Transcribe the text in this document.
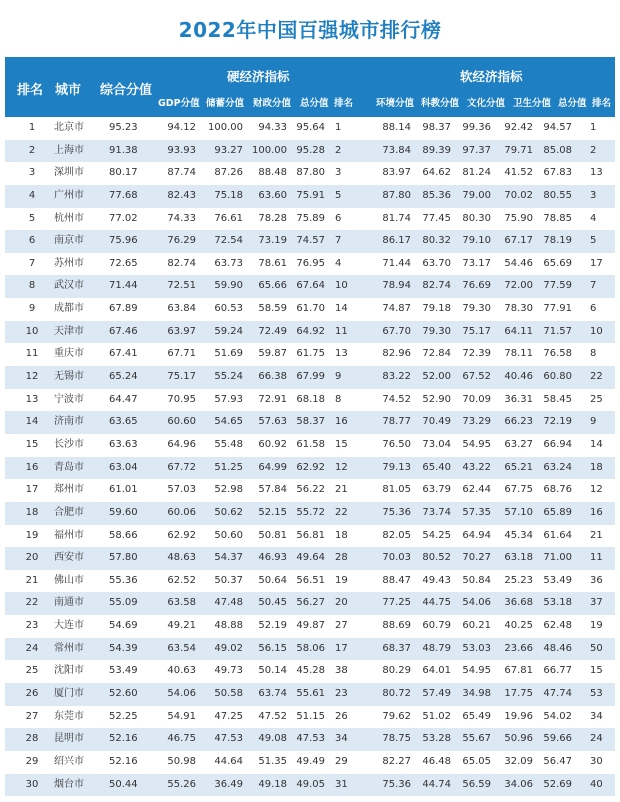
2022年中国百强城市排行榜
排名 城市 综合分值
硬经济指标	软经济指标
GDP分值 储蓄分值 财政分值 总分值 排名 环境分值 科教分值 文化分值 卫生分值 总分值 排名
1	北京市	95.23	94.12	100.00	94.33 95.64 1	88.14	98.37	99.36	92.42	94.57 1
2	上海市	91.38	93.93	93.27 100.00 95.28 2	73.84	89.39	97.37	79.71	85.08 2
3	深圳市	80.17	87.74	87.26	88.48 87.80 3	83.97	64.62	81.24	41.52	67.83 13
4	广州市	77.68	82.43	75.18	63.60 75.91 5	87.80	85.36	79.00	70.02	80.55 3
5	杭州市	77.02	74.33	76.61	78.28 75.89 6	81.74	77.45	80.30	75.90	78.85 4
6	南京市	75.96	76.29	72.54	73.19 74.57 7	86.17	80.32	79.10	67.17	78.19 5
7	苏州市	72.65	82.74	63.73	78.61 76.95 4	71.44	63.70	73.17	54.46	65.69 17
8	武汉市	71.44	72.51	59.90	65.66 67.64 10	78.94	82.74	76.69	72.00	77.59 7
9	成都市	67.89	63.84	60.53	58.59 61.70 14	74.87	79.18	79.30	78.30	77.91 6
10 天津市	67.46	63.97	59.24	72.49 64.92 11	67.70	79.30	75.17	64.11	71.57 10
11 重庆市	67.41	67.71	51.69	59.87 61.75 13	82.96	72.84	72.39	78.11	76.58 8
12 无锡市	65.24	75.17	55.24	66.38 67.99 9	83.22	52.00	67.52	40.46	60.80 22
13 宁波市	64.47	70.95	57.93	72.91 68.18 8	74.52	52.90	70.09	36.31	58.45 25
14 济南市	63.65	60.60	54.65	57.63 58.37 16	78.77	70.49	73.29	66.23	72.19 9
15 长沙市	63.63	64.96	55.48	60.92 61.58 15	76.50	73.04	54.95	63.27	66.94 14
16 青岛市	63.04	67.72	51.25	64.99 62.92 12	79.13	65.40	43.22	65.21	63.24 18
17 郑州市	61.01	57.03	52.98	57.84 56.22 21	81.05	63.79	62.44	67.75	68.76 12
18 合肥市	59.60	60.06	50.62	52.15 55.72 22	75.36	73.74	57.35	57.10	65.89 16
19 福州市	58.66	62.92	50.60	50.81 56.81 18	82.05	54.25	64.94	45.34	61.64 21
20 西安市	57.80	48.63	54.37	46.93 49.64 28	70.03	80.52	70.27	63.18	71.00 11
21 佛山市	55.36	62.52	50.37	50.64 56.51 19	88.47	49.43	50.84	25.23	53.49 36
22 南通市	55.09	63.58	47.48	50.45 56.27 20	77.25	44.75	54.06	36.68	53.18 37
23 大连市	54.69	49.21	48.88	52.19 49.87 27	88.69	60.79	60.21	40.25	62.48 19
24 常州市	54.39	63.54	49.02	56.15 58.06 17	68.37	48.79	53.03	23.66	48.46 50
25 沈阳市	53.49	40.63	49.73	50.14 45.28 38	80.29	64.01	54.95	67.81	66.77 15
26 厦门市	52.60	54.06	50.58	63.74 55.61 23	80.72	57.49	34.98	17.75	47.74 53
27 东莞市	52.25	54.91	47.25	47.52 51.15 26	79.62	51.02	65.49	19.96	54.02 34
28 昆明市	52.16	46.75	47.53	49.08 47.53 34	78.75	53.28	55.67	50.96	59.66 24
29 绍兴市	52.16	50.98	44.64	51.35 49.49 29	82.27	46.48	65.05	32.09	56.47 30
30 烟台市	50.44	55.26	36.49	49.18 49.05 31	75.36	44.74	56.59	34.06	52.69 40
